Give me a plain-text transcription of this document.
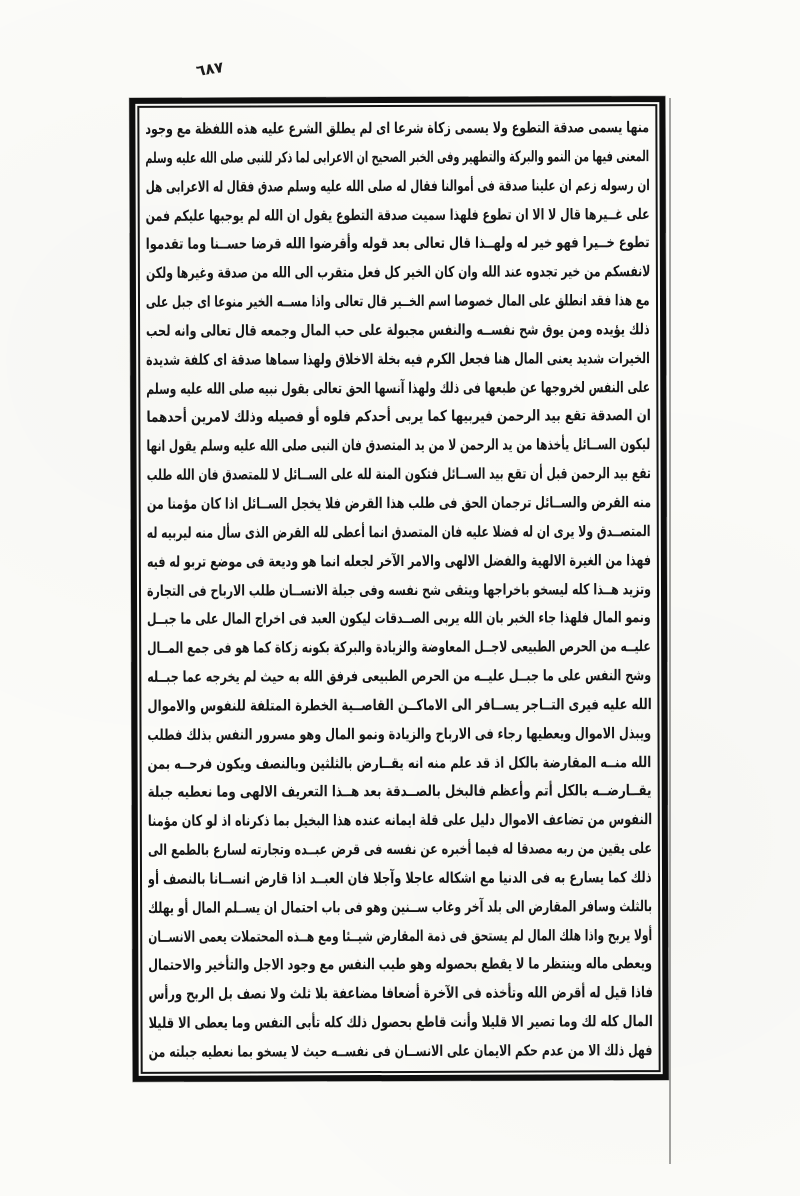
٦٨٧
منها يسمى صدقة التطوع ولا يسمى زكاة شرعا اى لم يطلق الشرع عليه هذه اللفظة مع وجود
المعنى فيها من النمو والبركة والتطهير وفى الخبر الصحيح ان الاعرابى لما ذكر للنبى صلى الله عليه وسلم
ان رسوله زعم ان علينا صدقة فى أموالنا فقال له صلى الله عليه وسلم صدق فقال له الاعرابى هل
على غــيرها قال لا الا ان تطوع فلهذا سميت صدقة التطوع يقول ان الله لم يوجبها عليكم فمن
تطوع خــيرا فهو خير له ولهــذا قال تعالى بعد قوله وأقرضوا الله قرضا حســنا وما تقدموا
لانفسكم من خير تجدوه عند الله وان كان الخير كل فعل متقرب الى الله من صدقة وغيرها ولكن
مع هذا فقد انطلق على المال خصوصا اسم الخــير قال تعالى واذا مســه الخير منوعا اى جبل على
ذلك يؤيده ومن يوق شح نفســه والنفس مجبولة على حب المال وجمعه قال تعالى وانه لحب
الخيرات شديد يعنى المال هنا فجعل الكرم فيه بخلة الاخلاق ولهذا سماها صدقة اى كلفة شديدة
على النفس لخروجها عن طبعها فى ذلك ولهذا آنسها الحق تعالى بقول نبيه صلى الله عليه وسلم
ان الصدقة تقع بيد الرحمن فيربيها كما يربى أحدكم فلوه أو فصيله وذلك لامرين أحدهما
ليكون الســائل يأخذها من يد الرحمن لا من يد المتصدق فان النبى صلى الله عليه وسلم يقول انها
تقع بيد الرحمن قبل أن تقع بيد الســائل فتكون المنة لله على الســائل لا للمتصدق فان الله طلب
منه القرض والســائل ترجمان الحق فى طلب هذا القرض فلا يخجل الســائل اذا كان مؤمنا من
المتصــدق ولا يرى ان له فضلا عليه فان المتصدق انما أعطى لله القرض الذى سأل منه ليربيه له
فهذا من الغيرة الالهية والفضل الالهى والامر الآخر لجعله انما هو وديعة فى موضع تربو له فيه
وتزيد هــذا كله ليسخو باخراجها ويتقى شح نفسه وفى جبلة الانســان طلب الارباح فى التجارة
ونمو المال فلهذا جاء الخبر بان الله يربى الصــدقات ليكون العبد فى اخراج المال على ما جبــل
عليــه من الحرص الطبيعى لاجــل المعاوضة والزيادة والبركة بكونه زكاة كما هو فى جمع المــال
وشح النفس على ما جبــل عليــه من الحرص الطبيعى فرفق الله به حيث لم يخرجه عما جبــله
الله عليه فيرى التــاجر يســافر الى الاماكــن القاصــية الخطرة المتلفة للنفوس والاموال
ويبذل الاموال ويعطيها رجاء فى الارباح والزيادة ونمو المال وهو مسرور النفس بذلك فطلب
الله منــه المقارضة بالكل اذ قد علم منه انه يقــارض بالثلثين وبالنصف ويكون فرحــه بمن
يقــارضــه بالكل أتم وأعظم فالبخل بالصــدقة بعد هــذا التعريف الالهى وما نعطيه جبلة
النفوس من تضاعف الاموال دليل على قلة ايمانه عنده هذا البخيل بما ذكرناه اذ لو كان مؤمنا
على يقين من ربه مصدقا له فيما أخبره عن نفسه فى قرض عبــده وتجارته لسارع بالطمع الى
ذلك كما يسارع به فى الدنيا مع اشكاله عاجلا وآجلا فان العبــد اذا قارض انســانا بالنصف أو
بالثلث وسافر المقارض الى بلد آخر وغاب ســنين وهو فى باب احتمال ان يســلم المال أو يهلك
أولا يربح واذا هلك المال لم يستحق فى ذمة المقارض شيــئا ومع هــذه المحتملات يعمى الانســان
ويعطى ماله وينتظر ما لا يقطع بحصوله وهو طيب النفس مع وجود الاجل والتأخير والاحتمال
فاذا قيل له أقرض الله وتأخذه فى الآخرة أضعافا مضاعفة بلا ثلث ولا نصف بل الربح ورأس
المال كله لك وما تصير الا قليلا وأنت قاطع بحصول ذلك كله تأبى النفس وما يعطى الا قليلا
فهل ذلك الا من عدم حكم الايمان على الانســان فى نفســه حيث لا يسخو بما نعطيه جبلته من
